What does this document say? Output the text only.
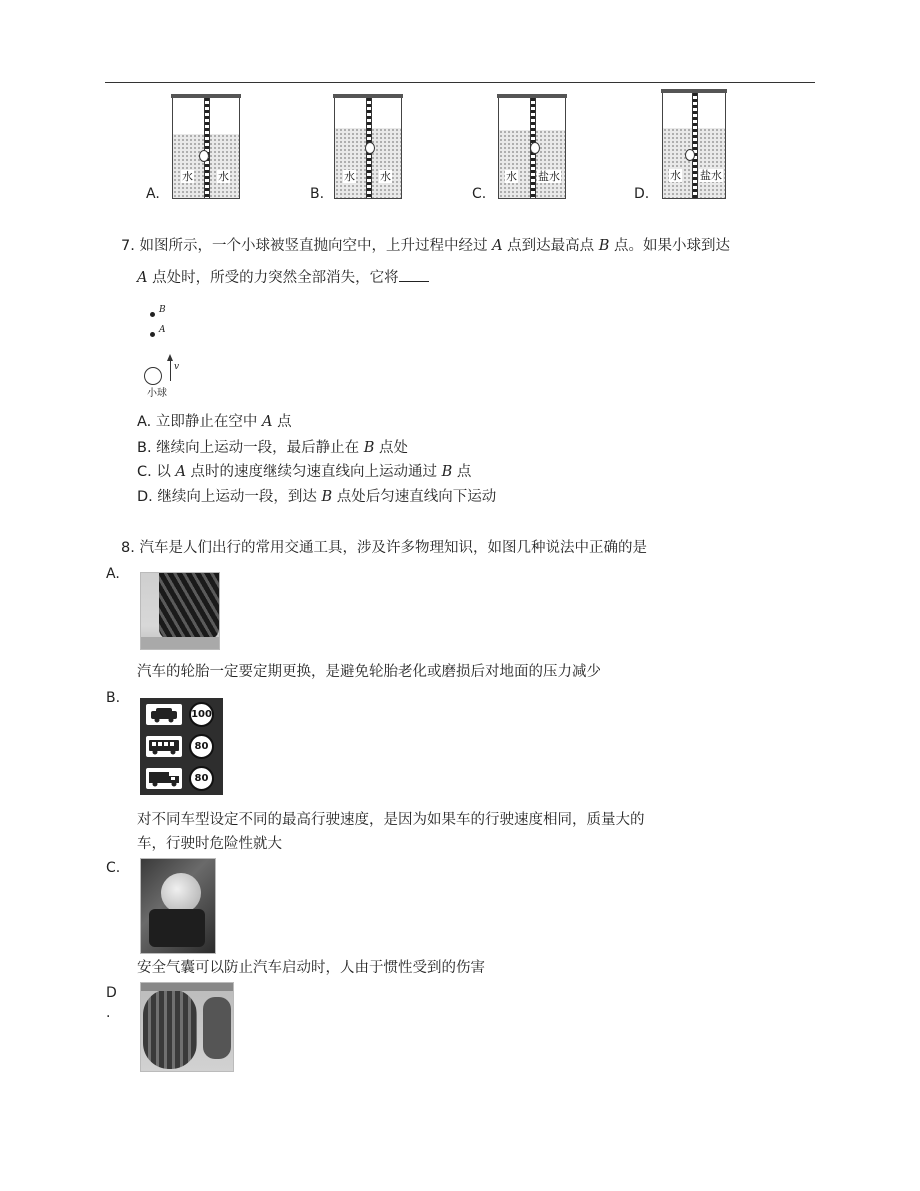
A.
水 水
B.
水 水
C.
水 盐水
D.
水 盐水
7. 如图所示，一个小球被竖直抛向空中，上升过程中经过 A 点到达最高点 B 点。如果小球到达
A 点处时，所受的力突然全部消失，它将
B
A
v
小球
A. 立即静止在空中 A 点
B. 继续向上运动一段，最后静止在 B 点处
C. 以 A 点时的速度继续匀速直线向上运动通过 B 点
D. 继续向上运动一段，到达 B 点处后匀速直线向下运动
8. 汽车是人们出行的常用交通工具，涉及许多物理知识，如图几种说法中正确的是
A.
汽车的轮胎一定要定期更换，是避免轮胎老化或磨损后对地面的压力减少
B.
100
80
80
对不同车型设定不同的最高行驶速度，是因为如果车的行驶速度相同，质量大的
车，行驶时危险性就大
C.
安全气囊可以防止汽车启动时，人由于惯性受到的伤害
D
.
